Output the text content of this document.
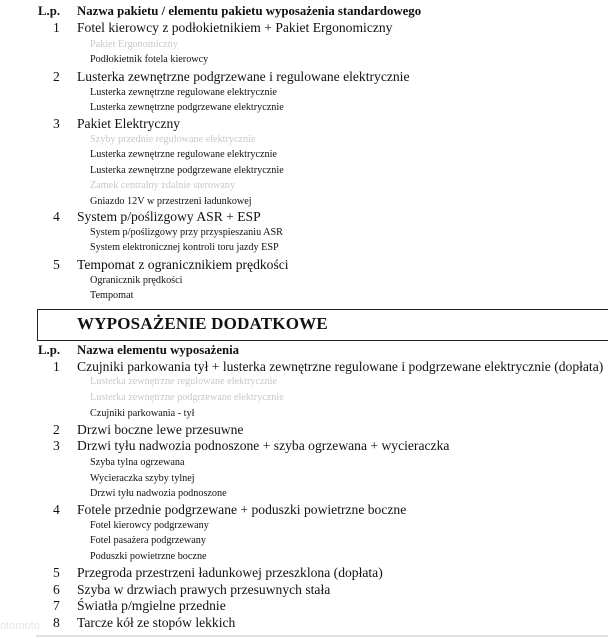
L.p. Nazwa pakietu / elementu pakietu wyposażenia standardowego
1	Fotel kierowcy z podłokietnikiem + Pakiet Ergonomiczny
Pakiet Ergonomiczny
Podłokietnik fotela kierowcy
2	Lusterka zewnętrzne podgrzewane i regulowane elektrycznie
Lusterka zewnętrzne regulowane elektrycznie
Lusterka zewnętrzne podgrzewane elektrycznie
3	Pakiet Elektryczny
Szyby przednie regulowane elektrycznie
Lusterka zewnętrzne regulowane elektrycznie
Lusterka zewnętrzne podgrzewane elektrycznie
Zamek centralny zdalnie sterowany
Gniazdo 12V w przestrzeni ładunkowej
4	System p/poślizgowy ASR + ESP
System p/poślizgowy przy przyspieszaniu ASR
System elektronicznej kontroli toru jazdy ESP
5	Tempomat z ogranicznikiem prędkości
Ogranicznik prędkości
Tempomat
WYPOSAŻENIE DODATKOWE
L.p. Nazwa elementu wyposażenia
1	Czujniki parkowania tył + lusterka zewnętrzne regulowane i podgrzewane elektrycznie (dopłata)
Lusterka zewnętrzne regulowane elektrycznie
Lusterka zewnętrzne podgrzewane elektrycznie
Czujniki parkowania - tył
2	Drzwi boczne lewe przesuwne
3	Drzwi tyłu nadwozia podnoszone + szyba ogrzewana + wycieraczka
Szyba tylna ogrzewana
Wycieraczka szyby tylnej
Drzwi tyłu nadwozia podnoszone
4	Fotele przednie podgrzewane + poduszki powietrzne boczne
Fotel kierowcy podgrzewany
Fotel pasażera podgrzewany
Poduszki powietrzne boczne
5	Przegroda przestrzeni ładunkowej przeszklona (dopłata)
6	Szyba w drzwiach prawych przesuwnych stała
7	Światła p/mgielne przednie
8	Tarcze kół ze stopów lekkich
otomoto
